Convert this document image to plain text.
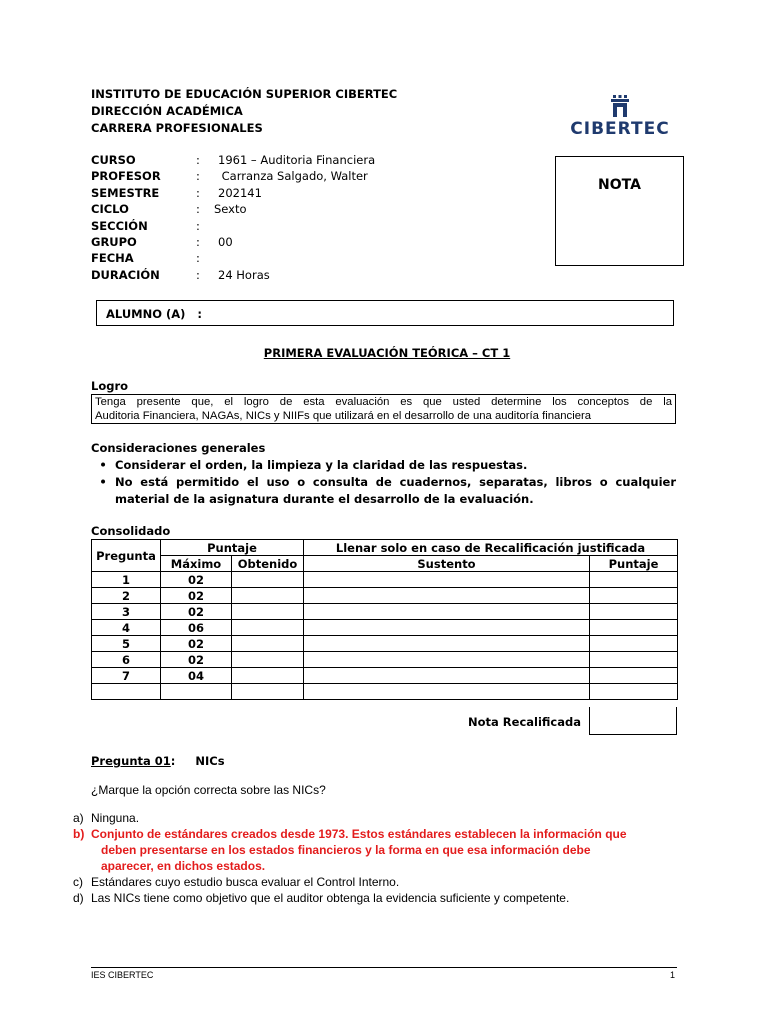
INSTITUTO DE EDUCACIÓN SUPERIOR CIBERTEC
DIRECCIÓN ACADÉMICA
CARRERA PROFESIONALES	CIBERTEC
NOTA
CURSO	:	1961 – Auditoria Financiera
PROFESOR	:	Carranza Salgado, Walter
SEMESTRE	:	202141
CICLO	:	Sexto
SECCIÓN	:
GRUPO	:	00
FECHA	:
DURACIÓN	:	24 Horas
ALUMNO (A)   :
PRIMERA EVALUACIÓN TEÓRICA – CT 1
Logro
Tenga presente que, el logro de esta evaluación es que usted determine los conceptos de la
Auditoria Financiera, NAGAs, NICs y NIIFs que utilizará en el desarrollo de una auditoría financiera
Consideraciones generales
• Considerar el orden, la limpieza y la claridad de las respuestas.
• No está permitido el uso o consulta de cuadernos, separatas, libros o cualquier material de la asignatura durante el desarrollo de la evaluación.
Consolidado
Pregunta	Puntaje		Llenar solo en caso de Recalificación justificada	
	Máximo	Obtenido	Sustento	Puntaje
1	02			
2	02			
3	02			
4	06			
5	02			
6	02			
7	04			

Nota Recalificada
Pregunta 01: NICs
¿Marque la opción correcta sobre las NICs?
a) Ninguna.
b) Conjunto de estándares creados desde 1973. Estos estándares establecen la información que
deben presentarse en los estados financieros y la forma en que esa información debe
aparecer, en dichos estados.
c) Estándares cuyo estudio busca evaluar el Control Interno.
d) Las NICs tiene como objetivo que el auditor obtenga la evidencia suficiente y competente.
IES CIBERTEC	1
